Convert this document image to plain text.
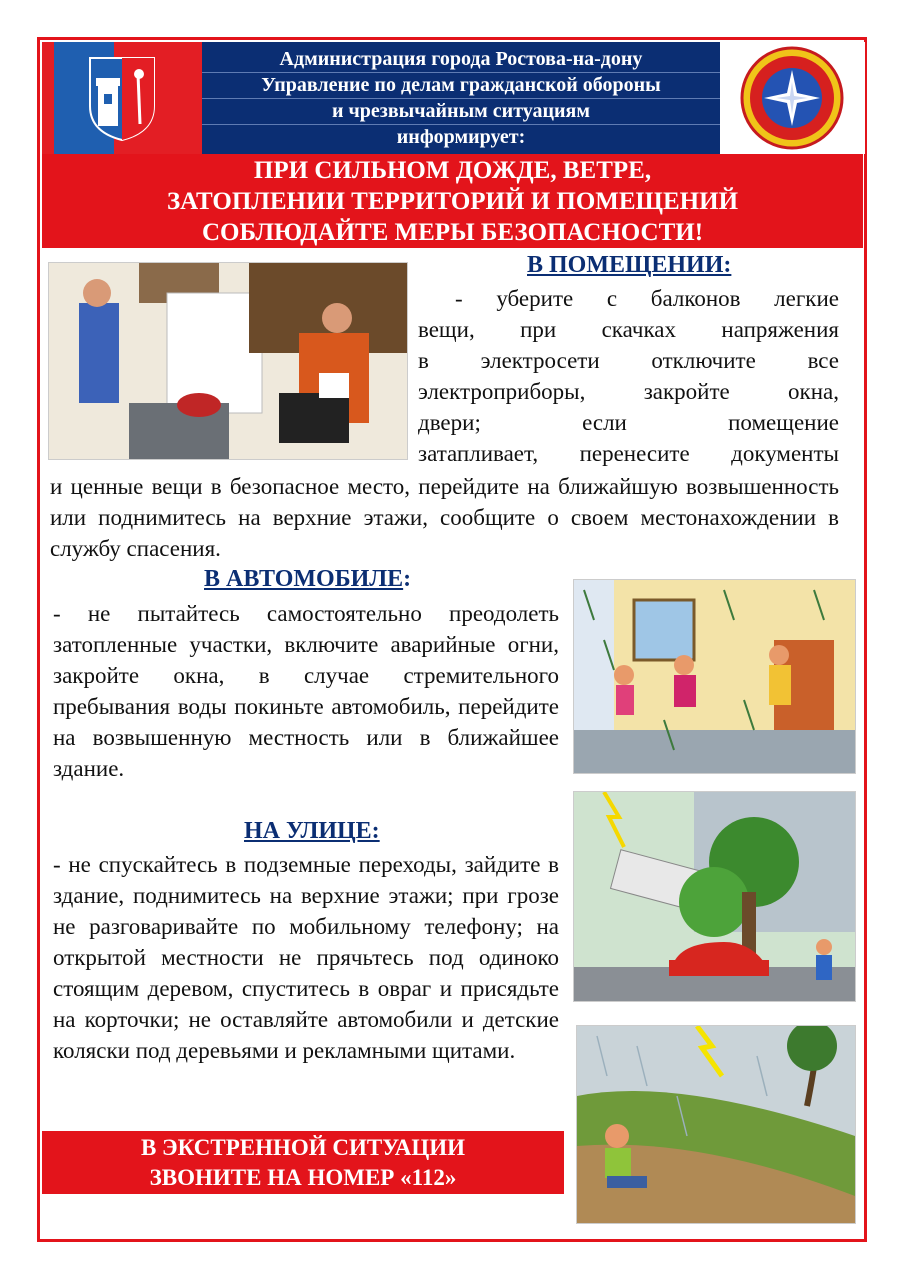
Администрация города Ростова-на-дону
Управление по делам гражданской обороны
и чрезвычайным ситуациям
информирует:
ПРИ СИЛЬНОМ ДОЖДЕ, ВЕТРЕ,
ЗАТОПЛЕНИИ ТЕРРИТОРИЙ И ПОМЕЩЕНИЙ
СОБЛЮДАЙТЕ МЕРЫ БЕЗОПАСНОСТИ!
В ПОМЕЩЕНИИ:
- уберите с балконов легкие
вещи, при скачках напряжения
в электросети отключите все
электроприборы, закройте окна,
двери; если помещение
затапливает, перенесите документы
и ценные вещи в безопасное место, перейдите на ближайшую возвышенность или поднимитесь на верхние этажи, сообщите о своем местонахождении в службу спасения.
В АВТОМОБИЛЕ:
- не пытайтесь самостоятельно преодолеть затопленные участки, включите аварийные огни, закройте окна, в случае стремительного пребывания воды покиньте автомобиль, перейдите на возвышенную местность или в ближайшее здание.
НА УЛИЦЕ:
- не спускайтесь в подземные переходы, зайдите в здание, поднимитесь на верхние этажи; при грозе не разговаривайте по мобильному телефону; на открытой местности не прячьтесь под одиноко стоящим деревом, спуститесь в овраг и присядьте на корточки; не оставляйте автомобили и детские коляски под деревьями и рекламными щитами.
В ЭКСТРЕННОЙ СИТУАЦИИ
ЗВОНИТЕ НА НОМЕР «112»
